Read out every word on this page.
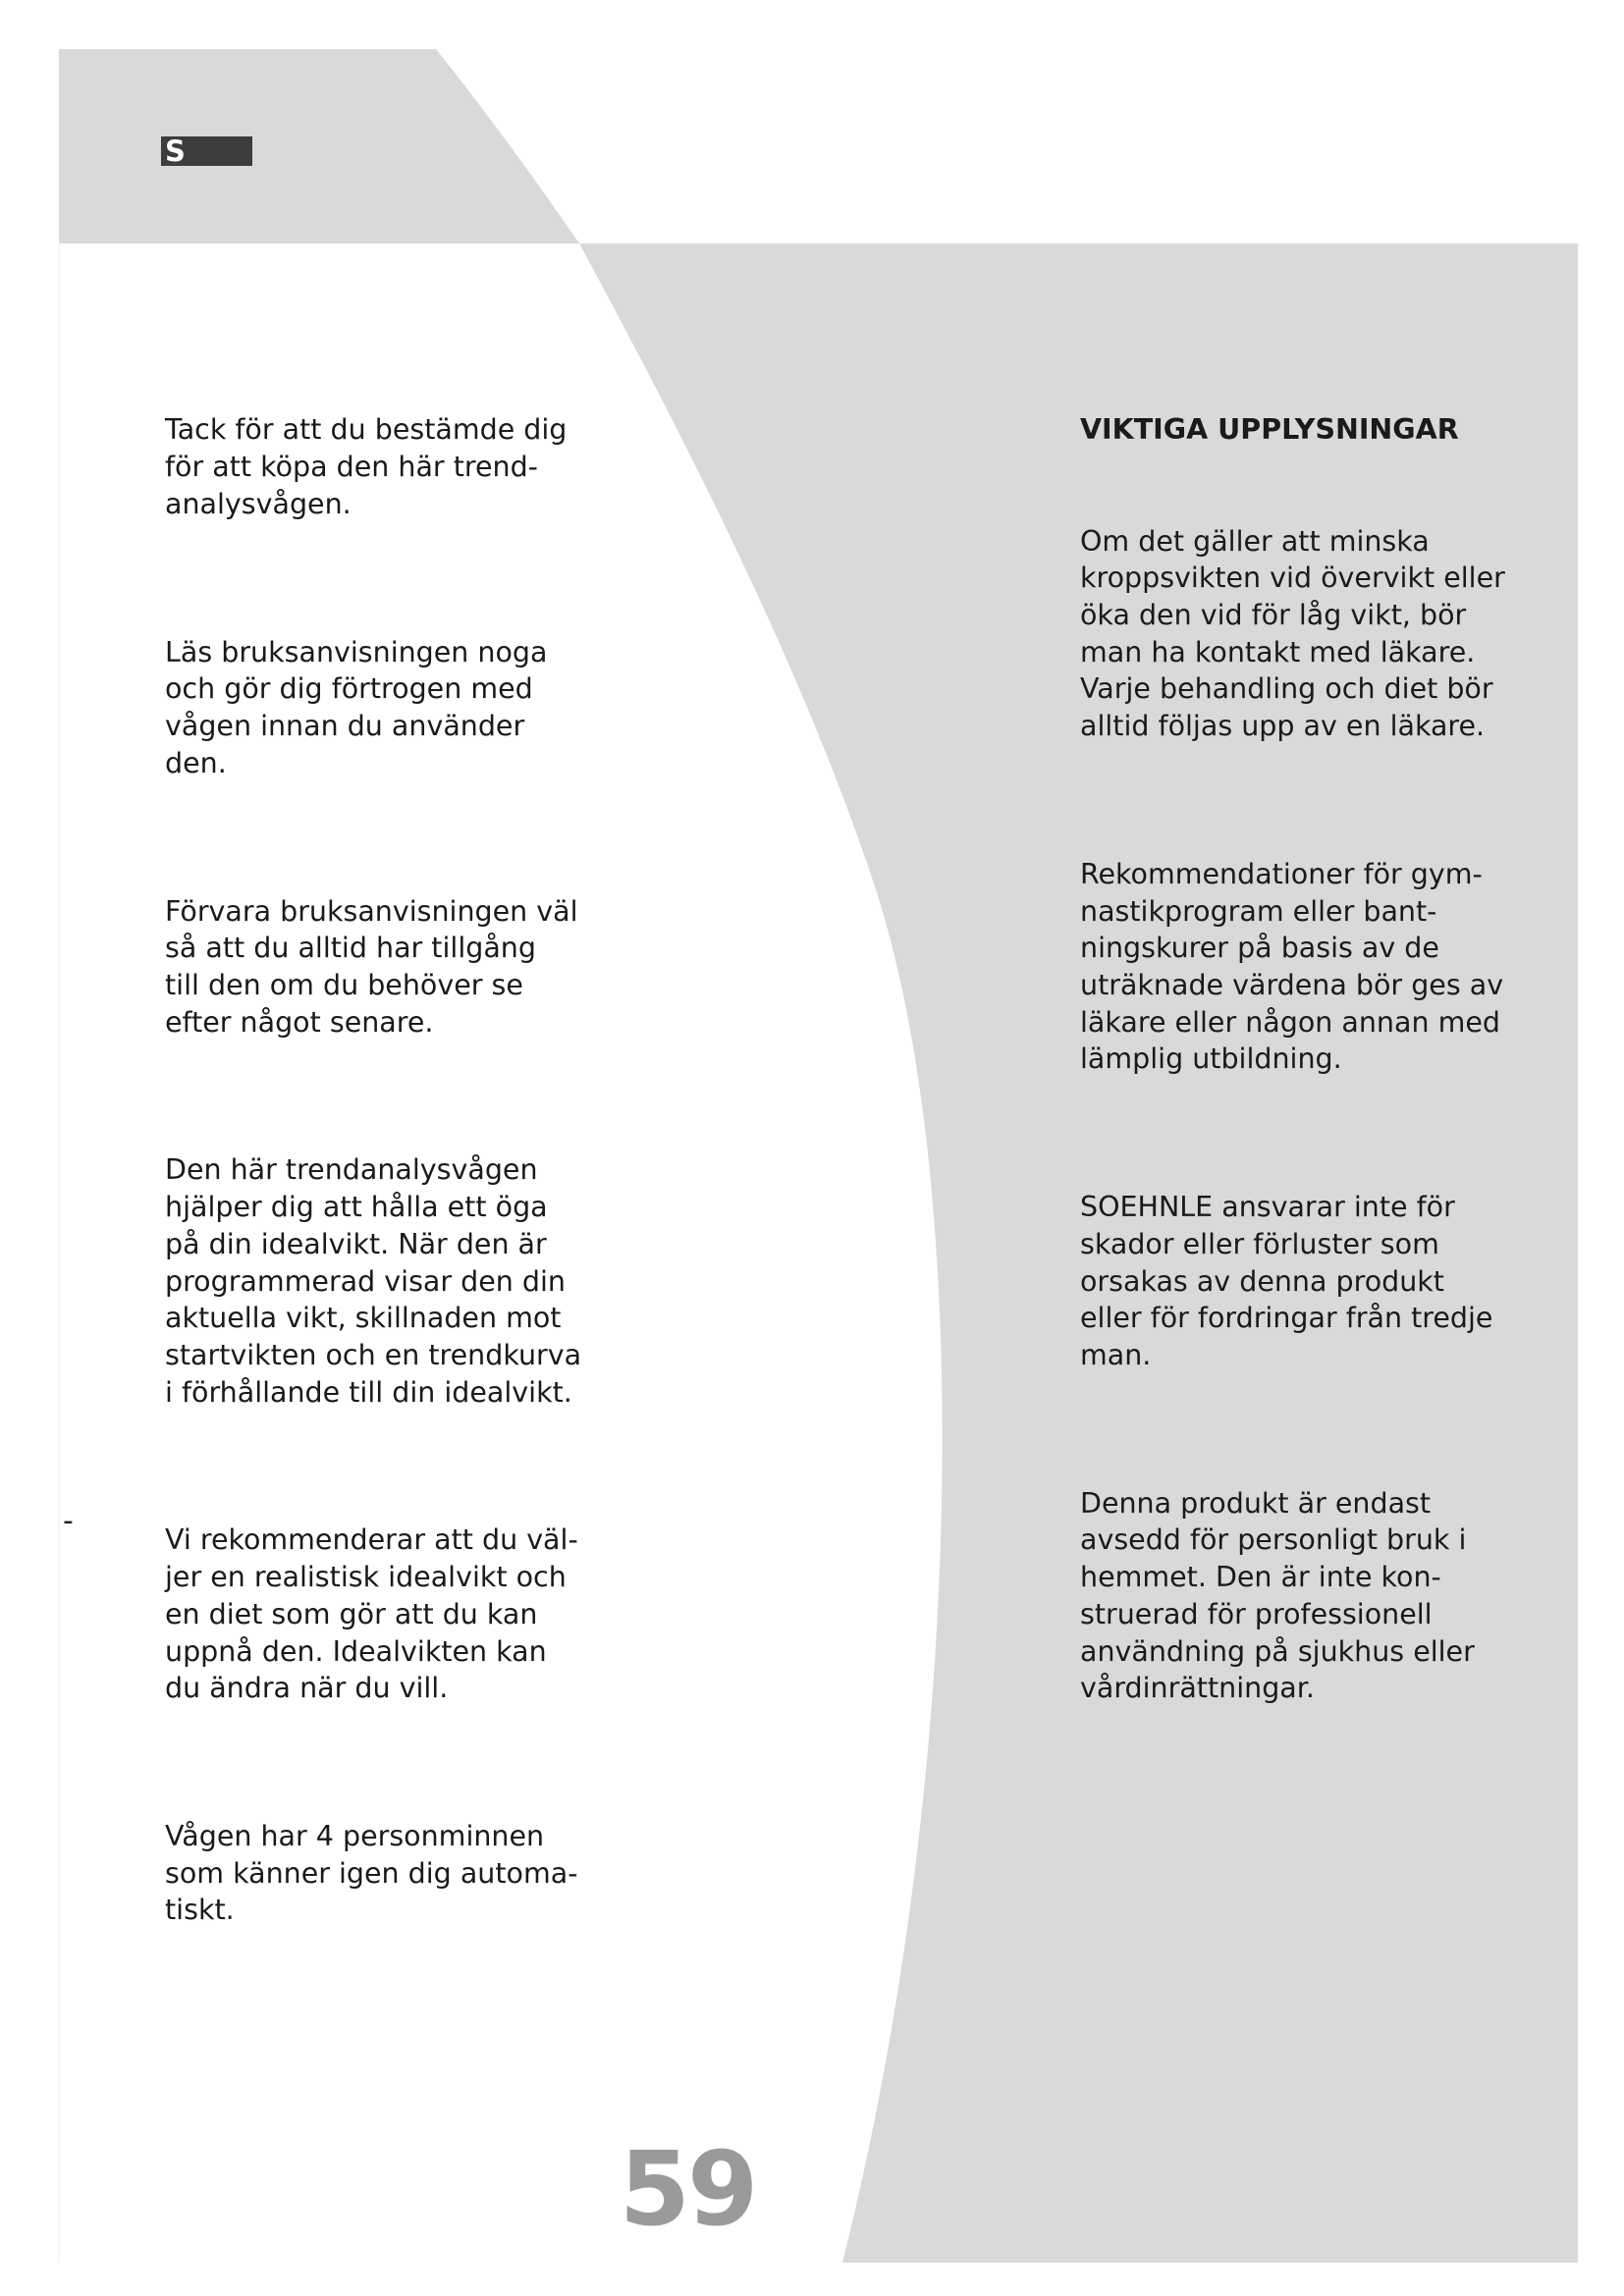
S

Tack för att du bestämde dig
för att köpa den här trend-
analysvågen.

Läs bruksanvisningen noga
och gör dig förtrogen med
vågen innan du använder
den.

Förvara bruksanvisningen väl
så att du alltid har tillgång
till den om du behöver se
efter något senare.

Den här trendanalysvågen
hjälper dig att hålla ett öga
på din idealvikt. När den är
programmerad visar den din
aktuella vikt, skillnaden mot
startvikten och en trendkurva
i förhållande till din idealvikt.

Vi rekommenderar att du väl-
jer en realistisk idealvikt och
en diet som gör att du kan
uppnå den. Idealvikten kan
du ändra när du vill.

Vågen har 4 personminnen
som känner igen dig automa-
tiskt.

VIKTIGA UPPLYSNINGAR

Om det gäller att minska
kroppsvikten vid övervikt eller
öka den vid för låg vikt, bör
man ha kontakt med läkare.
Varje behandling och diet bör
alltid följas upp av en läkare.

Rekommendationer för gym-
nastikprogram eller bant-
ningskurer på basis av de
uträknade värdena bör ges av
läkare eller någon annan med
lämplig utbildning.

SOEHNLE ansvarar inte för
skador eller förluster som
orsakas av denna produkt
eller för fordringar från tredje
man.

Denna produkt är endast
avsedd för personligt bruk i
hemmet. Den är inte kon-
struerad för professionell
användning på sjukhus eller
vårdinrättningar.

-
59
